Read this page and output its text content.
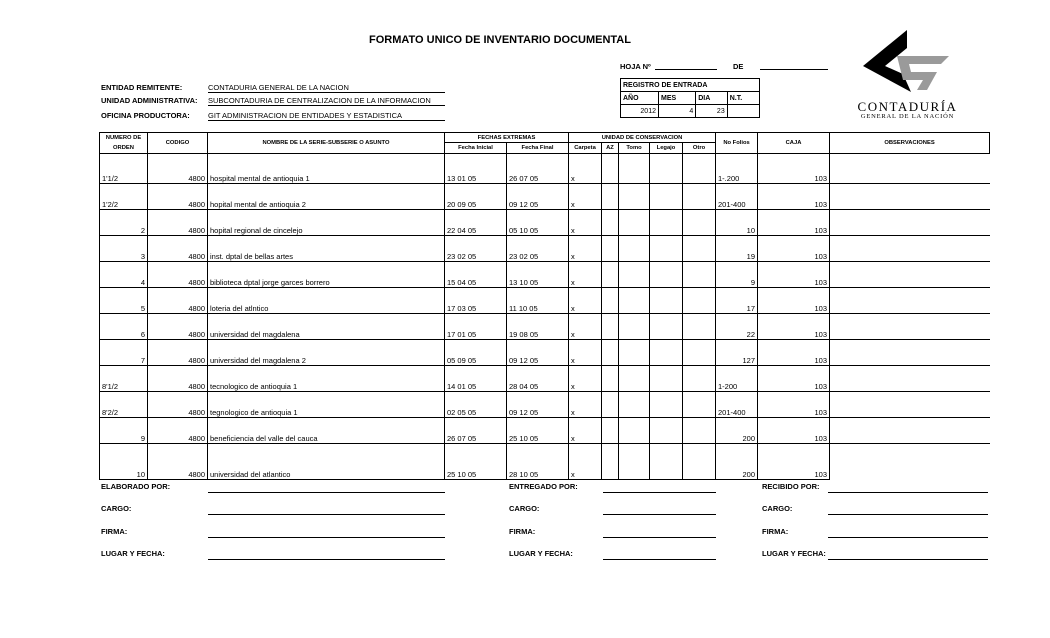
FORMATO UNICO DE INVENTARIO DOCUMENTAL
HOJA Nº	DE
ENTIDAD REMITENTE:	CONTADURIA GENERAL DE LA NACION
UNIDAD ADMINISTRATIVA: SUBCONTADURIA DE CENTRALIZACION DE LA INFORMACION
OFICINA PRODUCTORA: GIT ADMINISTRACION DE ENTIDADES Y ESTADISTICA
REGISTRO DE ENTRADA			
AÑO	MES	DIA	N.T.
2012	4	23		CONTADURÍA
GENERAL DE LA NACIÓN
NUMERO DE	CODIGO	NOMBRE DE LA SERIE-SUBSERIE O ASUNTO	FECHAS EXTREMAS		UNIDAD DE CONSERVACION					No Folios	CAJA	OBSERVACIONES
ORDEN			Fecha Inicial	Fecha Final	Carpeta	AZ	Tomo	Legajo	Otro			
1'1/2	4800	hospital mental de antioquia 1	13 01 05	26 07 05	x					1-.200	103	
1'2/2	4800	hopital mental de antioquia 2	20 09 05	09 12 05	x					201-400	103	
2	4800	hopital regional de cincelejo	22 04 05	05 10 05	x					10	103	
3	4800	inst. dptal de bellas artes	23 02 05	23 02 05	x					19	103	
4	4800	biblioteca dptal jorge garces borrero	15 04 05	13 10 05	x					9	103	
5	4800	loteria del atlntico	17 03 05	11 10 05	x					17	103	
6	4800	universidad del magdalena	17 01 05	19 08 05	x					22	103	
7	4800	universidad del magdalena 2	05 09 05	09 12 05	x					127	103	
8'1/2	4800	tecnologico de antioquia 1	14 01 05	28 04 05	x					1-200	103	
8'2/2	4800	tegnologico de antioquia 1	02 05 05	09 12 05	x					201-400	103	
9	4800	beneficiencia del valle del cauca	26 07 05	25 10 05	x					200	103	
10	4800	universidad del atlantico	25 10 05	28 10 05	x					200	103	
ELABORADO POR:
CARGO:
FIRMA:
LUGAR Y FECHA:
ENTREGADO POR:
CARGO:
FIRMA:
LUGAR Y FECHA:
RECIBIDO POR:
CARGO:
FIRMA:
LUGAR Y FECHA:
